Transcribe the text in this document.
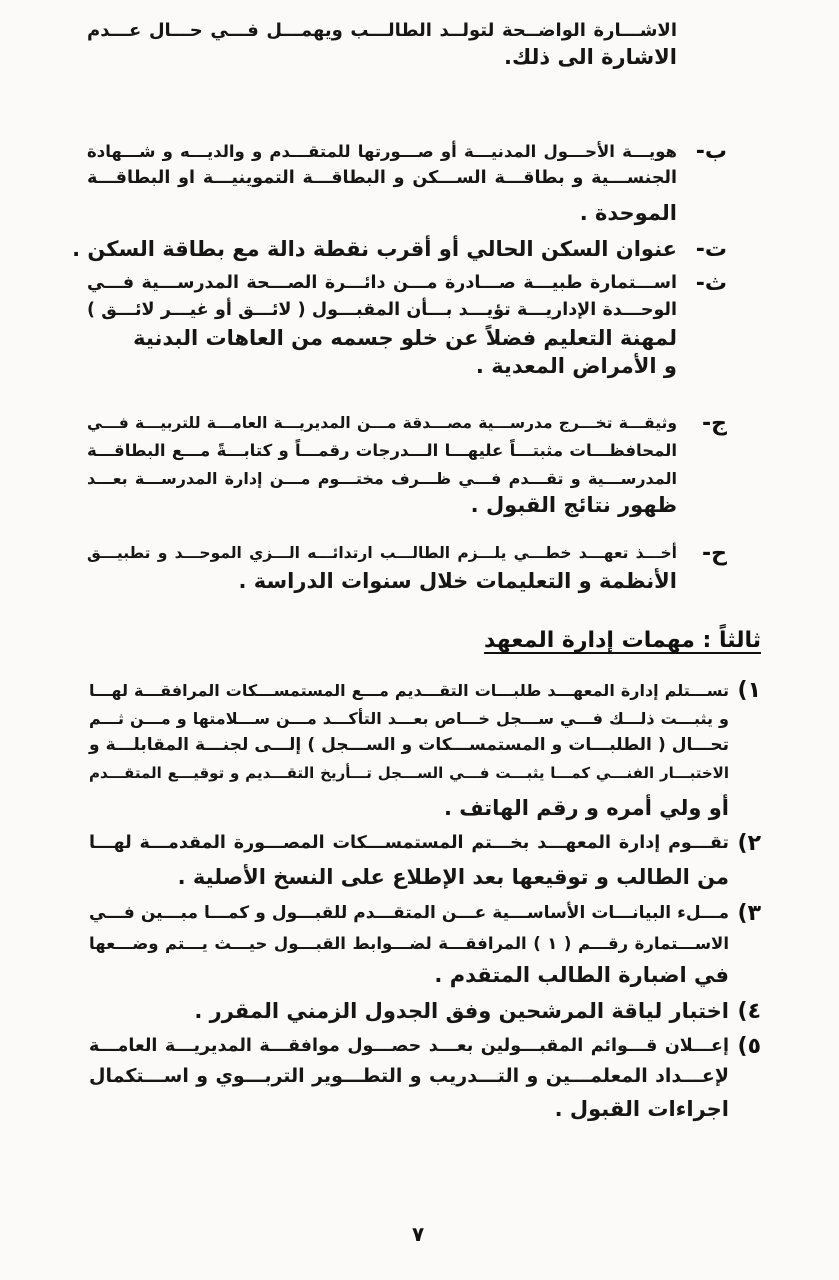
الاشـــارة الواضــحة لتولــد الطالـــب ويهمـــل فـــي حـــال عـــدم
الاشارة الى ذلك.
ب-
هويـــة الأحـــول المدنيـــة أو صـــورتها للمتقـــدم و والديـــه و شـــهادة
الجنســـية و بطاقـــة الســـكن و البطاقـــة التموينيـــة او البطاقـــة
الموحدة .
ت-
عنوان السكن الحالي أو أقرب نقطة دالة مع بطاقة السكن .
ث-
اســـتمارة طبيـــة صـــادرة مـــن دائـــرة الصـــحة المدرســـية فـــي
الوحـــدة الإداريـــة تؤيـــد بـــأن المقبـــول ( لائـــق أو غيـــر لائـــق )
لمهنة التعليم فضلاً عن خلو جسمه من العاهات البدنية
و الأمراض المعدية .
ج-
وثيقـــة تخـــرج مدرســـية مصـــدقة مـــن المديريـــة العامـــة للتربيـــة فـــي
المحافظـــات مثبتـــاً عليهـــا الـــدرجات رقمـــاً و كتابـــةً مـــع البطاقـــة
المدرســـية و تقـــدم فـــي ظـــرف مختـــوم مـــن إدارة المدرســـة بعـــد
ظهور نتائج القبول .
ح-
أخـــذ تعهـــد خطـــي يلـــزم الطالـــب ارتدائـــه الـــزي الموحـــد و تطبيـــق
الأنظمة و التعليمات خلال سنوات الدراسة .
ثالثاً : مهمات إدارة المعهد
١)
تســـتلم إدارة المعهـــد طلبـــات التقـــديم مـــع المستمســـكات المرافقـــة لهـــا
و يثبـــت ذلـــك فـــي ســـجل خـــاص بعـــد التأكـــد مـــن ســـلامتها و مـــن ثـــم
تحـــال ( الطلبـــات و المستمســـكات و الســـجل ) إلـــى لجنـــة المقابلـــة و
الاختبـــار الفنـــي كمـــا يثبـــت فـــي الســـجل تـــأريخ التقـــديم و توقيـــع المتقـــدم
أو ولي أمره و رقم الهاتف .
٢)
تقـــوم إدارة المعهـــد بخـــتم المستمســـكات المصـــورة المقدمـــة لهـــا
من الطالب و توقيعها بعد الإطلاع على النسخ الأصلية .
٣)
مـــلء البيانـــات الأساســـية عـــن المتقـــدم للقبـــول و كمـــا مبـــين فـــي
الاســـتمارة رقـــم ( ١ ) المرافقـــة لضـــوابط القبـــول حيـــث يـــتم وضـــعها
في اضبارة الطالب المتقدم .
٤)
اختبار لياقة المرشحين وفق الجدول الزمني المقرر .
٥)
إعـــلان قـــوائم المقبـــولين بعـــد حصـــول موافقـــة المديريـــة العامـــة
لإعـــداد المعلمـــين و التـــدريب و التطـــوير التربـــوي و اســـتكمال
اجراءات القبول .
٧
